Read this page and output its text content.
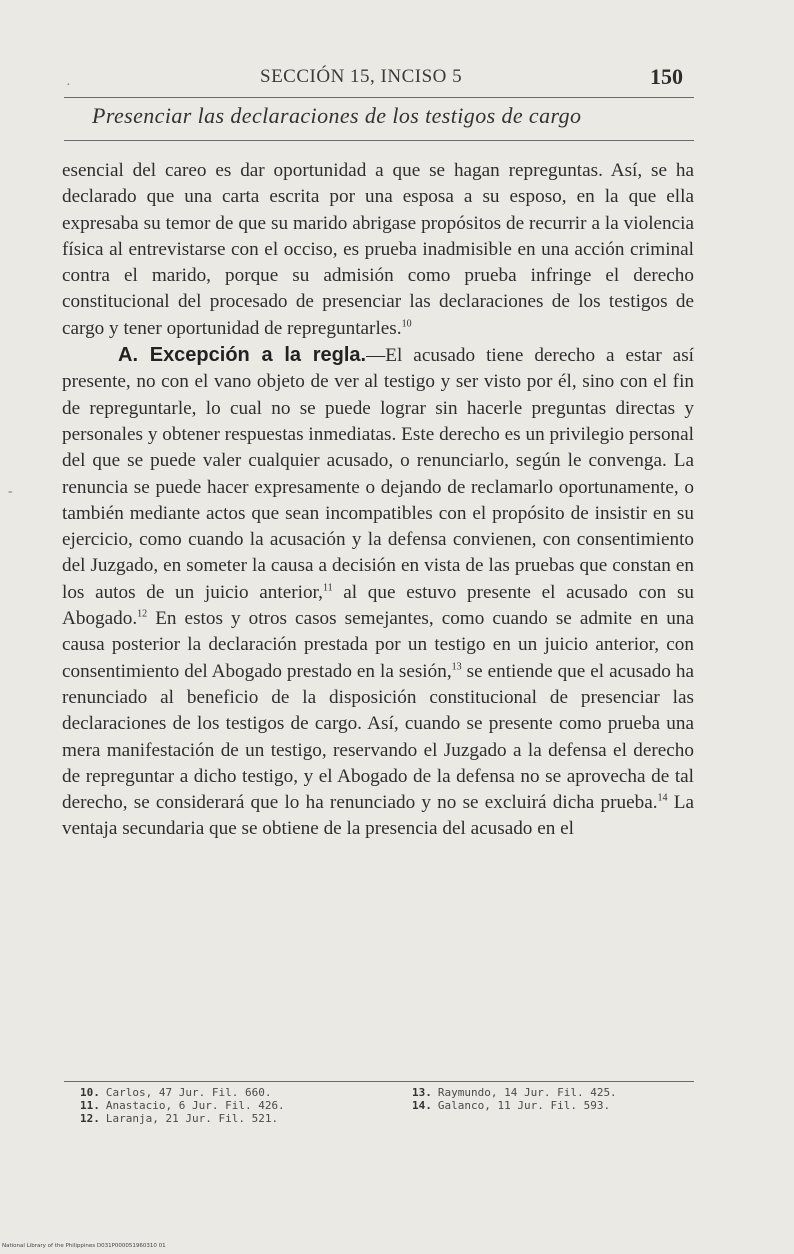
SECCIÓN 15, INCISO 5	150
Presenciar las declaraciones de los testigos de cargo

esencial del careo es dar oportunidad a que se hagan repreguntas. Así, se ha declarado que una carta escrita por una esposa a su esposo, en la que ella expresaba su temor de que su marido abrigase propósitos de recurrir a la violencia física al entrevistarse con el occiso, es prueba inadmisible en una acción criminal contra el marido, porque su admisión como prueba infringe el derecho constitucional del procesado de presenciar las declaraciones de los testigos de cargo y tener oportunidad de repreguntarles.$^{10}$

A. Excepción a la regla.—El acusado tiene derecho a estar así presente, no con el vano objeto de ver al testigo y ser visto por él, sino con el fin de repreguntarle, lo cual no se puede lograr sin hacerle preguntas directas y personales y obtener respuestas inmediatas. Este derecho es un privilegio personal del que se puede valer cualquier acusado, o renunciarlo, según le convenga. La renuncia se puede hacer expresamente o dejando de reclamarlo oportunamente, o también mediante actos que sean incompatibles con el propósito de insistir en su ejercicio, como cuando la acusación y la defensa convienen, con consentimiento del Juzgado, en someter la causa a decisión en vista de las pruebas que constan en los autos de un juicio anterior,$^{11}$ al que estuvo presente el acusado con su Abogado.$^{12}$ En estos y otros casos semejantes, como cuando se admite en una causa posterior la declaración prestada por un testigo en un juicio anterior, con consentimiento del Abogado prestado en la sesión,$^{13}$ se entiende que el acusado ha renunciado al beneficio de la disposición constitucional de presenciar las declaraciones de los testigos de cargo. Así, cuando se presente como prueba una mera manifestación de un testigo, reservando el Juzgado a la defensa el derecho de repreguntar a dicho testigo, y el Abogado de la defensa no se aprovecha de tal derecho, se considerará que lo ha renunciado y no se excluirá dicha prueba.$^{14}$ La ventaja secundaria que se obtiene de la presencia del acusado en el

10. Carlos, 47 Jur. Fil. 660.
11. Anastacio, 6 Jur. Fil. 426.
12. Laranja, 21 Jur. Fil. 521.
13. Raymundo, 14 Jur. Fil. 425.
14. Galanco, 11 Jur. Fil. 593.
-
·
National Library of the Philippines D031P000051960310 01
